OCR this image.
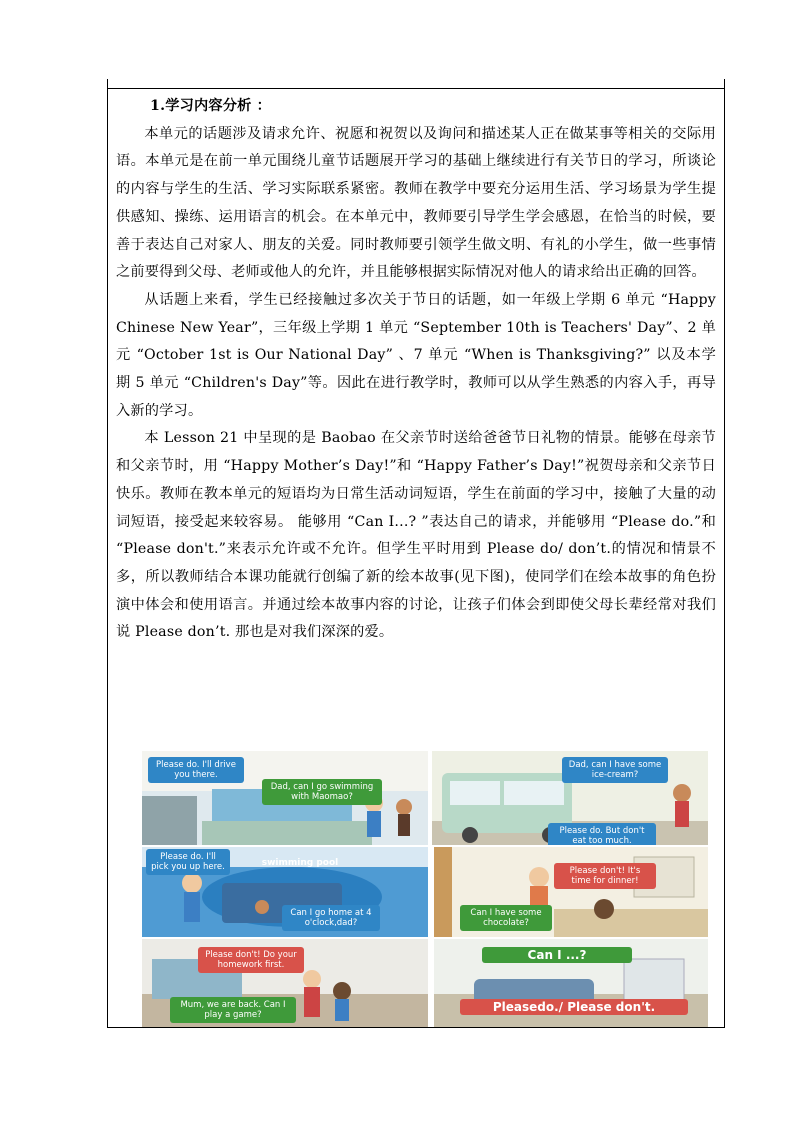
1.学习内容分析 ：

本单元的话题涉及请求允许、祝愿和祝贺以及询问和描述某人正在做某事等相关的交际用语。本单元是在前一单元围绕儿童节话题展开学习的基础上继续进行有关节日的学习，所谈论的内容与学生的生活、学习实际联系紧密。教师在教学中要充分运用生活、学习场景为学生提供感知、操练、运用语言的机会。在本单元中，教师要引导学生学会感恩，在恰当的时候，要善于表达自己对家人、朋友的关爱。同时教师要引领学生做文明、有礼的小学生，做一些事情之前要得到父母、老师或他人的允许，并且能够根据实际情况对他人的请求给出正确的回答。

从话题上来看，学生已经接触过多次关于节日的话题，如一年级上学期 6 单元 “Happy Chinese New Year”，三年级上学期 1 单元 “September 10th is Teachers' Day”、2 单元 “October 1st is Our National Day” 、7 单元 “When is Thanksgiving?” 以及本学期 5 单元 “Children's Day”等。因此在进行教学时，教师可以从学生熟悉的内容入手，再导入新的学习。

本 Lesson 21 中呈现的是 Baobao 在父亲节时送给爸爸节日礼物的情景。能够在母亲节和父亲节时，用 “Happy Mother’s Day!”和 “Happy Father’s Day!”祝贺母亲和父亲节日快乐。教师在教本单元的短语均为日常生活动词短语，学生在前面的学习中，接触了大量的动词短语，接受起来较容易。 能够用 “Can I...? ”表达自己的请求，并能够用 “Please do.”和 “Please don't.”来表示允许或不允许。但学生平时用到 Please do/ don’t.的情况和情景不多，所以教师结合本课功能就行创编了新的绘本故事(见下图)，使同学们在绘本故事的角色扮演中体会和使用语言。并通过绘本故事内容的讨论，让孩子们体会到即使父母长辈经常对我们说 Please don’t. 那也是对我们深深的爱。

Please do. I'll drive you there.
Dad, can I go swimming with Maomao?
Dad, can I have some ice-cream?
Please do. But don't eat too much.
Please do. I'll pick you up here.	swimming pool
Can I go home at 4 o'clock,dad?
Please don't! It's time for dinner!
Can I have some chocolate?
Please don't! Do your homework first.
Mum, we are back. Can I play a game?
Can I ...?
Pleasedo./ Please don't.
